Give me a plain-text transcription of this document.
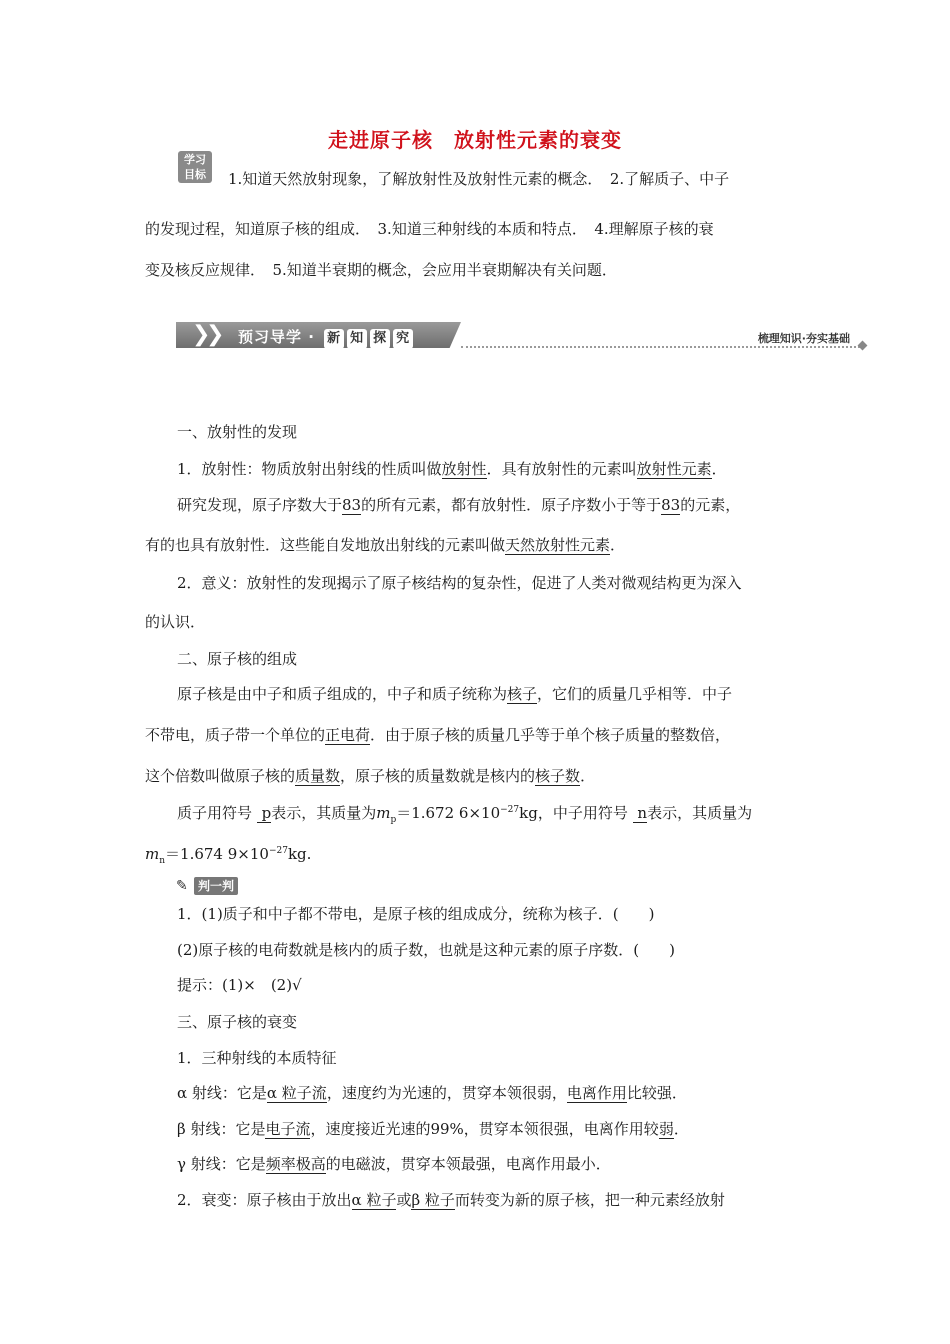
走进原子核　放射性元素的衰变
学习
目标	1.知道天然放射现象，了解放射性及放射性元素的概念．　2.了解质子、中子
的发现过程，知道原子核的组成．　3.知道三种射线的本质和特点．　4.理解原子核的衰
变及核反应规律．　5.知道半衰期的概念，会应用半衰期解决有关问题．
❯
❯ 预习导学 · 新 知 探 究	梳理知识·夯实基础
一、放射性的发现
1．放射性：物质放射出射线的性质叫做放射性．具有放射性的元素叫放射性元素．
研究发现，原子序数大于83的所有元素，都有放射性．原子序数小于等于83的元素，
有的也具有放射性．这些能自发地放出射线的元素叫做天然放射性元素．
2．意义：放射性的发现揭示了原子核结构的复杂性，促进了人类对微观结构更为深入
的认识．
二、原子核的组成
原子核是由中子和质子组成的，中子和质子统称为核子，它们的质量几乎相等．中子
不带电，质子带一个单位的正电荷．由于原子核的质量几乎等于单个核子质量的整数倍，
这个倍数叫做原子核的质量数，原子核的质量数就是核内的核子数．
质子用符号 p表示，其质量为$m_p=1.672$ $6\times 10^{-27}kg$，中子用符号 n表示，其质量为
$m_n=1.674$ $9\times 10^{-27}kg$.
✎ 判一判
1．(1)质子和中子都不带电，是原子核的组成成分，统称为核子．(　　)
(2)原子核的电荷数就是核内的质子数，也就是这种元素的原子序数．(　　)
提示：(1)×　(2)√
三、原子核的衰变
1．三种射线的本质特征
α 射线：它是α 粒子流，速度约为光速的，贯穿本领很弱，电离作用比较强．
β 射线：它是电子流，速度接近光速的99%，贯穿本领很强，电离作用较弱．
γ 射线：它是频率极高的电磁波，贯穿本领最强，电离作用最小．
2．衰变：原子核由于放出α 粒子或β 粒子而转变为新的原子核，把一种元素经放射
